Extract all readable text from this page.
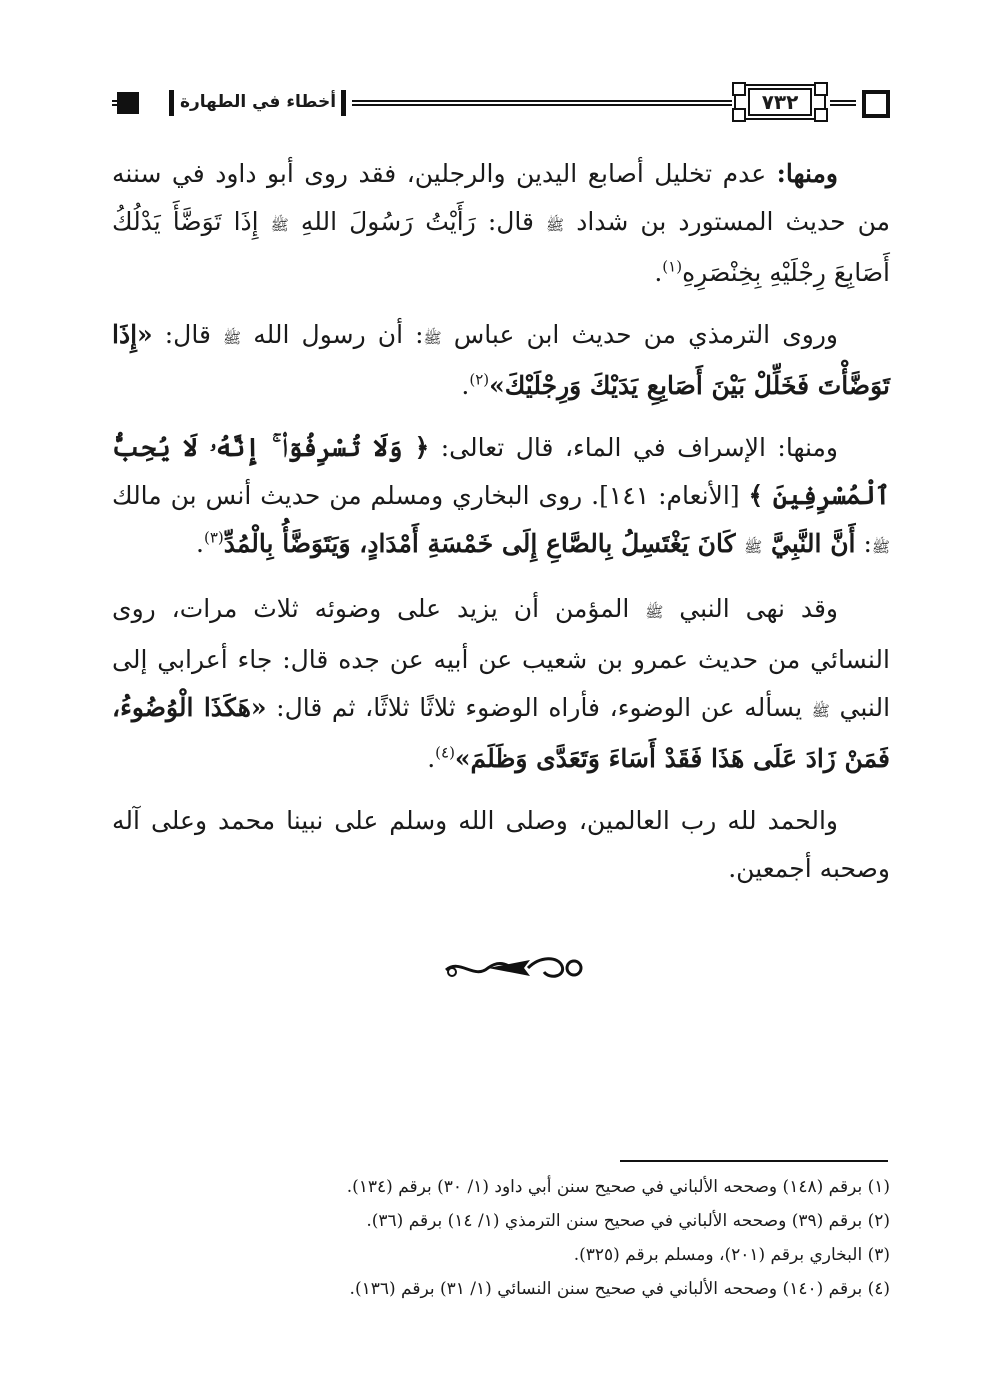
أخطاء في الطهارة	٧٣٢

ومنها: عدم تخليل أصابع اليدين والرجلين، فقد روى أبو داود في سننه من حديث المستورد بن شداد ﷺ قال: رَأَيْتُ رَسُولَ اللهِ ﷺ إِذَا تَوَضَّأَ يَدْلُكُ أَصَابِعَ رِجْلَيْهِ بِخِنْصَرِهِ$^{(١)}$.

وروى الترمذي من حديث ابن عباس ﷺ: أن رسول الله ﷺ قال: «إِذَا تَوَضَّأْتَ فَخَلِّلْ بَيْنَ أَصَابِعِ يَدَيْكَ وَرِجْلَيْكَ»$^{(٢)}$.

ومنها: الإسراف في الماء، قال تعالى: ﴿ وَلَا تُسْرِفُوٓا۟ ۚ إِنَّهُۥ لَا يُحِبُّ ٱلْمُسْرِفِينَ ﴾ [الأنعام: ١٤١]. روى البخاري ومسلم من حديث أنس بن مالك ﷺ: أَنَّ النَّبِيَّ ﷺ كَانَ يَغْتَسِلُ بِالصَّاعِ إِلَى خَمْسَةِ أَمْدَادٍ، وَيَتَوَضَّأُ بِالْمُدِّ$^{(٣)}$.

وقد نهى النبي ﷺ المؤمن أن يزيد على وضوئه ثلاث مرات، روى النسائي من حديث عمرو بن شعيب عن أبيه عن جده قال: جاء أعرابي إلى النبي ﷺ يسأله عن الوضوء، فأراه الوضوء ثلاثًا ثلاثًا، ثم قال: «هَكَذَا الْوُضُوءُ، فَمَنْ زَادَ عَلَى هَذَا فَقَدْ أَسَاءَ وَتَعَدَّى وَظَلَمَ»$^{(٤)}$.

والحمد لله رب العالمين، وصلى الله وسلم على نبينا محمد وعلى آله وصحبه أجمعين.

(١) برقم (١٤٨) وصححه الألباني في صحيح سنن أبي داود (١/ ٣٠) برقم (١٣٤).
(٢) برقم (٣٩) وصححه الألباني في صحيح سنن الترمذي (١/ ١٤) برقم (٣٦).
(٣) البخاري برقم (٢٠١)، ومسلم برقم (٣٢٥).
(٤) برقم (١٤٠) وصححه الألباني في صحيح سنن النسائي (١/ ٣١) برقم (١٣٦).
